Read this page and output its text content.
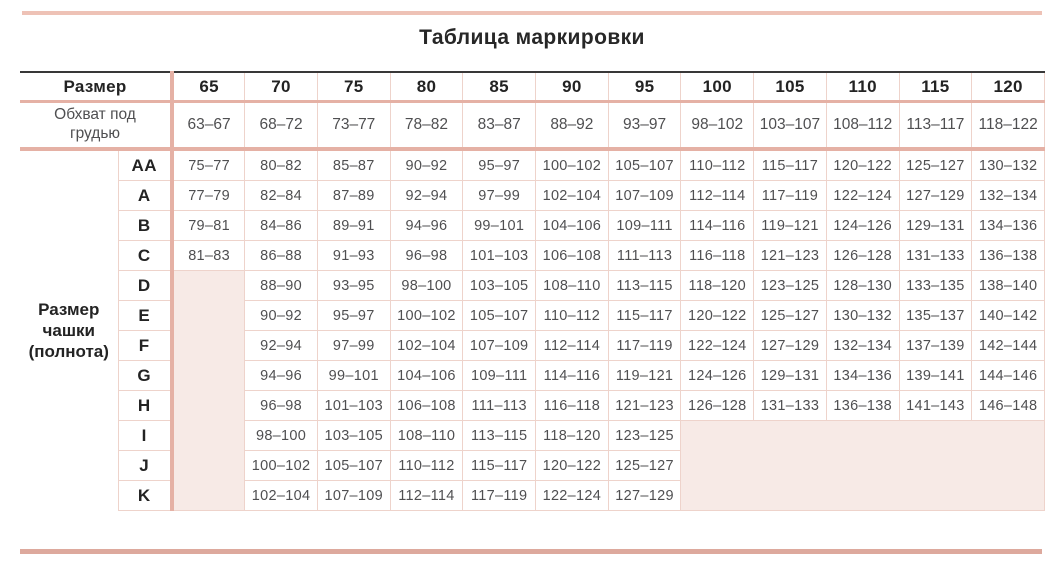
Таблица маркировки
Размер		65	70	75	80	85	90	95	100	105	110	115	120

Обхват под грудью		63–67	68–72	73–77	78–82	83–87	88–92	93–97	98–102	103–107	108–112	113–117	118–122

Размер чашки (полнота)	AA	75–77	80–82	85–87	90–92	95–97	100–102	105–107	110–112	115–117	120–122	125–127	130–132
	A	77–79	82–84	87–89	92–94	97–99	102–104	107–109	112–114	117–119	122–124	127–129	132–134
	B	79–81	84–86	89–91	94–96	99–101	104–106	109–111	114–116	119–121	124–126	129–131	134–136
	C	81–83	86–88	91–93	96–98	101–103	106–108	111–113	116–118	121–123	126–128	131–133	136–138
	D		88–90	93–95	98–100	103–105	108–110	113–115	118–120	123–125	128–130	133–135	138–140
	E		90–92	95–97	100–102	105–107	110–112	115–117	120–122	125–127	130–132	135–137	140–142
	F		92–94	97–99	102–104	107–109	112–114	117–119	122–124	127–129	132–134	137–139	142–144
	G		94–96	99–101	104–106	109–111	114–116	119–121	124–126	129–131	134–136	139–141	144–146
	H		96–98	101–103	106–108	111–113	116–118	121–123	126–128	131–133	136–138	141–143	146–148
	I		98–100	103–105	108–110	113–115	118–120	123–125					
	J		100–102	105–107	110–112	115–117	120–122	125–127					
	K		102–104	107–109	112–114	117–119	122–124	127–129					
